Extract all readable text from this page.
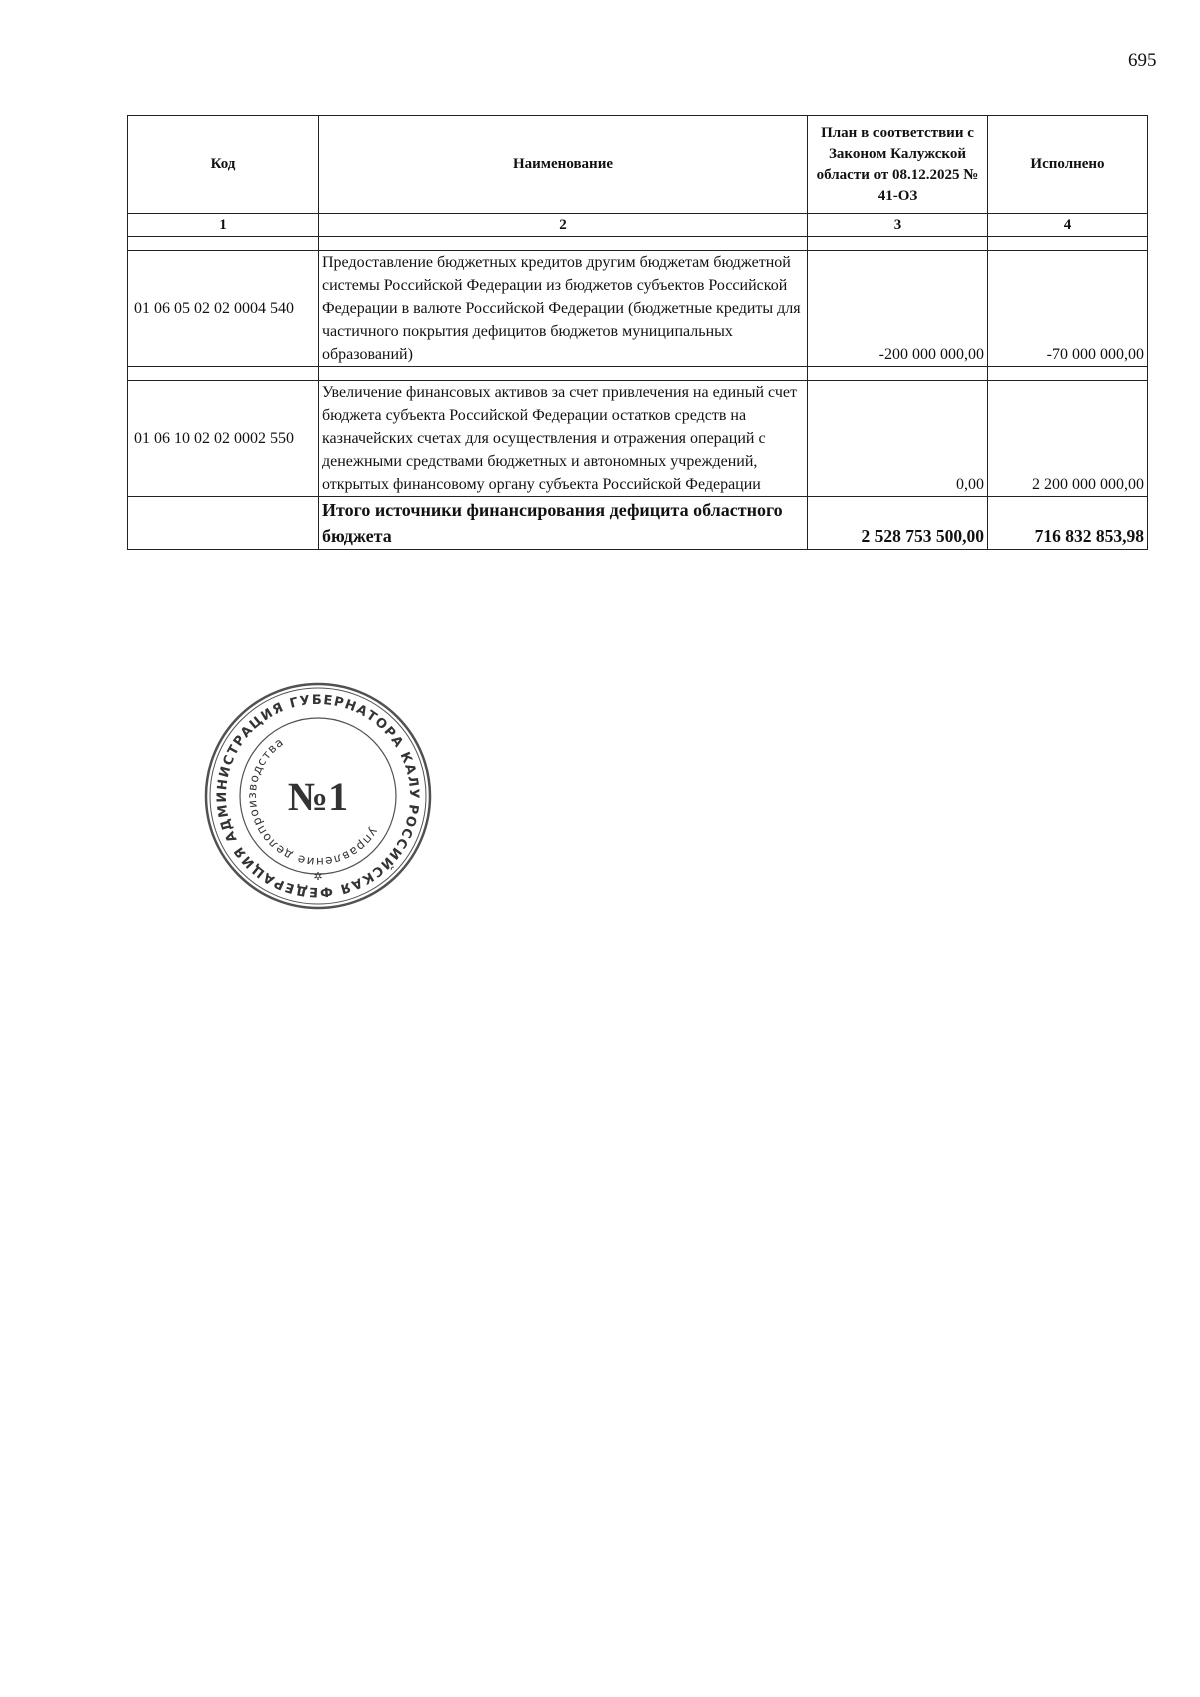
695
Код	Наименование	План в соответствии с Законом Калужской области от 08.12.2025 № 41-ОЗ	Исполнено
1	2	3	4

01 06 05 02 02 0004 540	Предоставление бюджетных кредитов другим бюджетам бюджетной системы Российской Федерации из бюджетов субъектов Российской Федерации в валюте Российской Федерации (бюджетные кредиты для частичного покрытия дефицитов бюджетов муниципальных образований)	-200 000 000,00	-70 000 000,00

01 06 10 02 02 0002 550	Увеличение финансовых активов за счет привлечения на единый счет бюджета субъекта Российской Федерации остатков средств на казначейских счетах для осуществления и отражения операций с денежными средствами бюджетных и автономных учреждений, открытых финансовому органу субъекта Российской Федерации	0,00	2 200 000 000,00
	Итого источники финансирования дефицита областного бюджета	2 528 753 500,00	716 832 853,98
РОССИЙСКАЯ ФЕДЕРАЦИЯ АДМИНИСТРАЦИЯ ГУБЕРНАТОРА КАЛУЖСКОЙ
управление делопроизводства
№1
✲
